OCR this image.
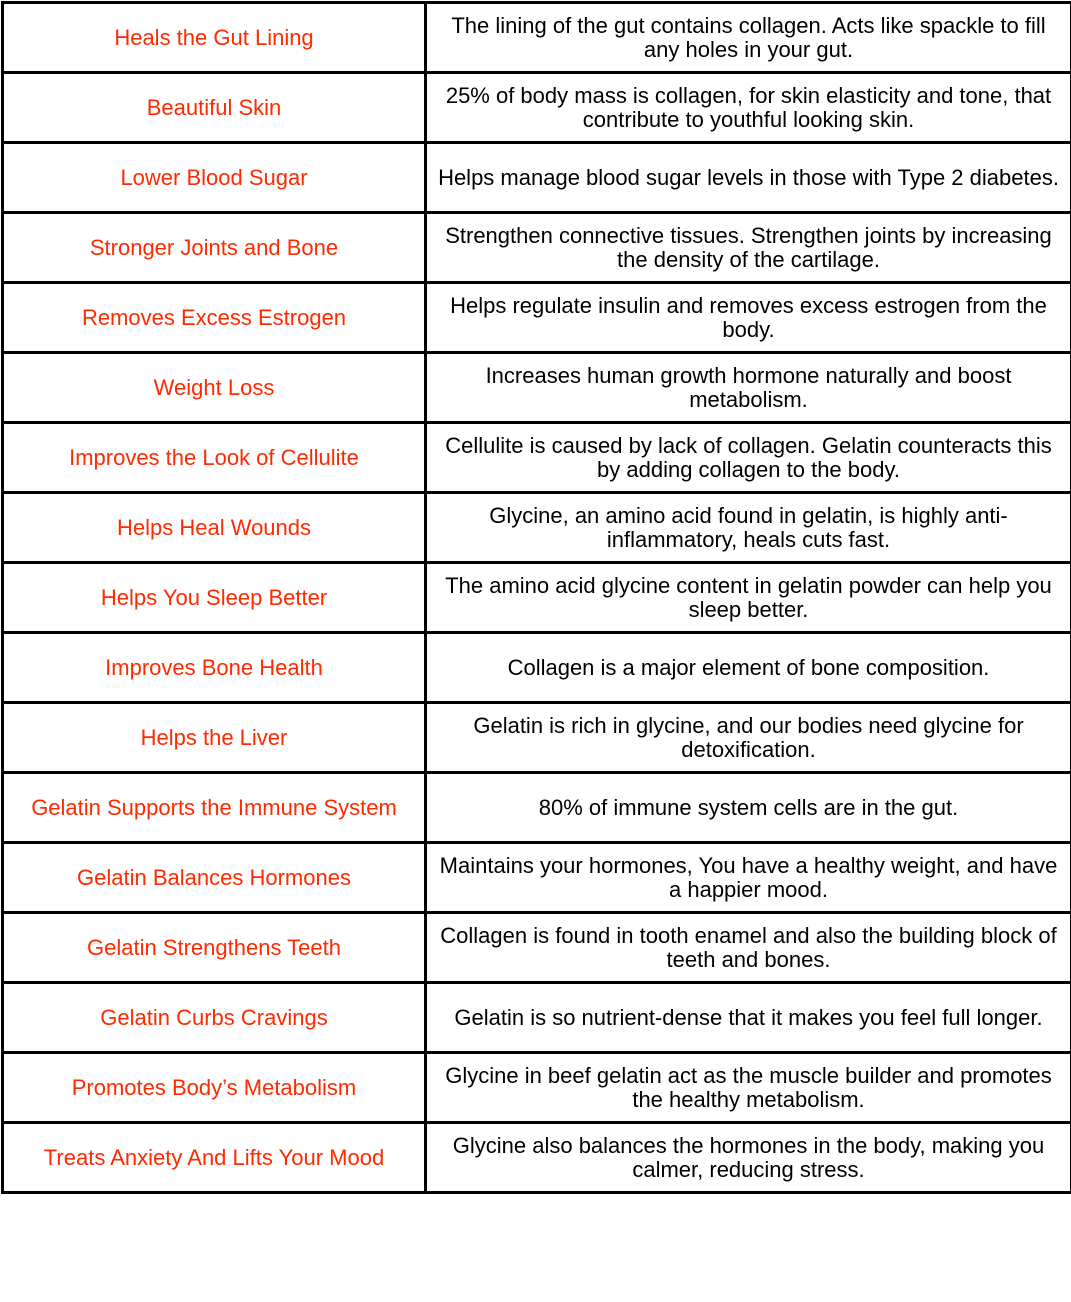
Heals the Gut Lining	The lining of the gut contains collagen. Acts like spackle to fill any holes in your gut.
Beautiful Skin	25% of body mass is collagen, for skin elasticity and tone, that contribute to youthful looking skin.
Lower Blood Sugar	Helps manage blood sugar levels in those with Type 2 diabetes.
Stronger Joints and Bone	Strengthen connective tissues. Strengthen joints by increasing the density of the cartilage.
Removes Excess Estrogen	Helps regulate insulin and removes excess estrogen from the body.
Weight Loss	Increases human growth hormone naturally and boost metabolism.
Improves the Look of Cellulite	Cellulite is caused by lack of collagen. Gelatin counteracts this by adding collagen to the body.
Helps Heal Wounds	Glycine, an amino acid found in gelatin, is highly anti-inflammatory, heals cuts fast.
Helps You Sleep Better	The amino acid glycine content in gelatin powder can help you sleep better.
Improves Bone Health	Collagen is a major element of bone composition.
Helps the Liver	Gelatin is rich in glycine, and our bodies need glycine for detoxification.
Gelatin Supports the Immune System	80% of immune system cells are in the gut.
Gelatin Balances Hormones	Maintains your hormones, You have a healthy weight, and have a happier mood.
Gelatin Strengthens Teeth	Collagen is found in tooth enamel and also the building block of teeth and bones.
Gelatin Curbs Cravings	Gelatin is so nutrient-dense that it makes you feel full longer.
Promotes Body’s Metabolism	Glycine in beef gelatin act as the muscle builder and promotes the healthy metabolism.
Treats Anxiety And Lifts Your Mood	Glycine also balances the hormones in the body, making you calmer, reducing stress.
